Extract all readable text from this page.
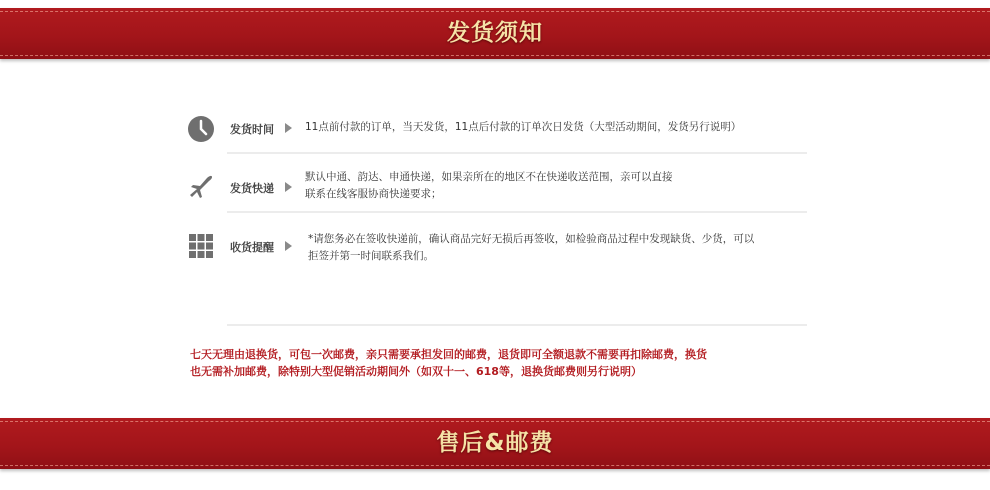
发货须知
发货时间	11点前付款的订单，当天发货，11点后付款的订单次日发货（大型活动期间，发货另行说明）
发货快递
默认中通、韵达、申通快递，如果亲所在的地区不在快递收送范围，亲可以直接
联系在线客服协商快递要求；
收货提醒
*请您务必在签收快递前，确认商品完好无损后再签收，如检验商品过程中发现缺货、少货，可以
拒签并第一时间联系我们。
七天无理由退换货，可包一次邮费，亲只需要承担发回的邮费，退货即可全额退款不需要再扣除邮费，换货
也无需补加邮费，除特别大型促销活动期间外（如双十一、618等，退换货邮费则另行说明）
售后&邮费
